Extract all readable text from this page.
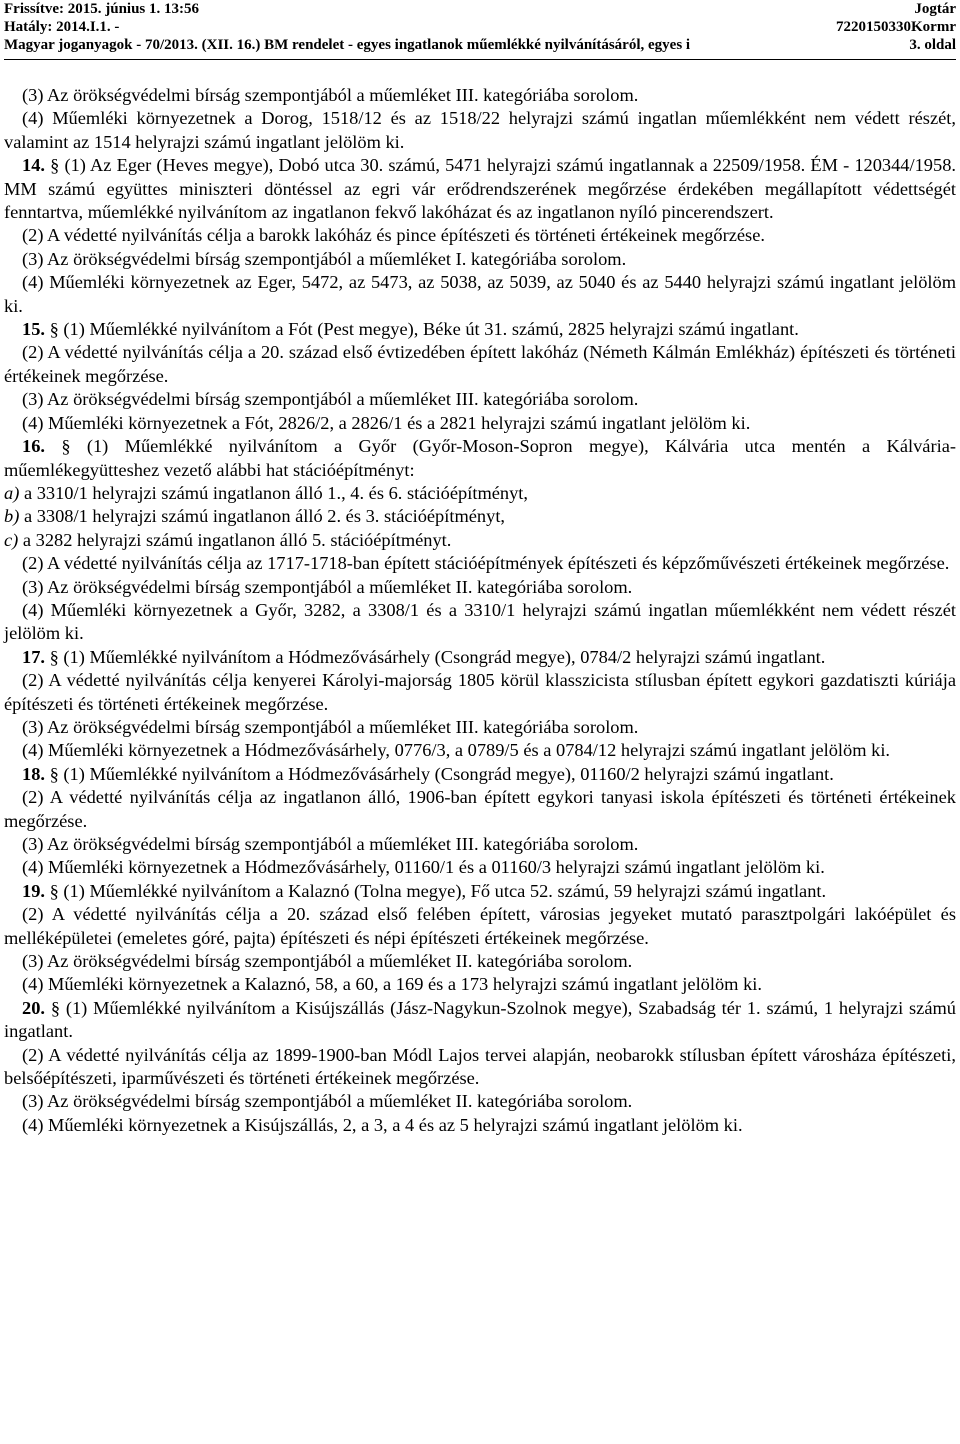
Frissítve: 2015. június 1. 13:56	Jogtár
Hatály: 2014.I.1. -	7220150330Kormr
Magyar joganyagok - 70/2013. (XII. 16.) BM rendelet - egyes ingatlanok műemlékké nyilvánításáról, egyes i	3. oldal

(3) Az örökségvédelmi bírság szempontjából a műemléket III. kategóriába sorolom.

(4) Műemléki környezetnek a Dorog, 1518/12 és az 1518/22 helyrajzi számú ingatlan műemlékként nem védett részét, valamint az 1514 helyrajzi számú ingatlant jelölöm ki.

14. § (1) Az Eger (Heves megye), Dobó utca 30. számú, 5471 helyrajzi számú ingatlannak a 22509/1958. ÉM - 120344/1958. MM számú együttes miniszteri döntéssel az egri vár erődrendszerének megőrzése érdekében megállapított védettségét fenntartva, műemlékké nyilvánítom az ingatlanon fekvő lakóházat és az ingatlanon nyíló pincerendszert.

(2) A védetté nyilvánítás célja a barokk lakóház és pince építészeti és történeti értékeinek megőrzése.

(3) Az örökségvédelmi bírság szempontjából a műemléket I. kategóriába sorolom.

(4) Műemléki környezetnek az Eger, 5472, az 5473, az 5038, az 5039, az 5040 és az 5440 helyrajzi számú ingatlant jelölöm ki.

15. § (1) Műemlékké nyilvánítom a Fót (Pest megye), Béke út 31. számú, 2825 helyrajzi számú ingatlant.

(2) A védetté nyilvánítás célja a 20. század első évtizedében épített lakóház (Németh Kálmán Emlékház) építészeti és történeti értékeinek megőrzése.

(3) Az örökségvédelmi bírság szempontjából a műemléket III. kategóriába sorolom.

(4) Műemléki környezetnek a Fót, 2826/2, a 2826/1 és a 2821 helyrajzi számú ingatlant jelölöm ki.

16. § (1) Műemlékké nyilvánítom a Győr (Győr-Moson-Sopron megye), Kálvária utca mentén a Kálvária-műemlékegyütteshez vezető alábbi hat stációépítményt:

a) a 3310/1 helyrajzi számú ingatlanon álló 1., 4. és 6. stációépítményt,

b) a 3308/1 helyrajzi számú ingatlanon álló 2. és 3. stációépítményt,

c) a 3282 helyrajzi számú ingatlanon álló 5. stációépítményt.

(2) A védetté nyilvánítás célja az 1717-1718-ban épített stációépítmények építészeti és képzőművészeti értékeinek megőrzése.

(3) Az örökségvédelmi bírság szempontjából a műemléket II. kategóriába sorolom.

(4) Műemléki környezetnek a Győr, 3282, a 3308/1 és a 3310/1 helyrajzi számú ingatlan műemlékként nem védett részét jelölöm ki.

17. § (1) Műemlékké nyilvánítom a Hódmezővásárhely (Csongrád megye), 0784/2 helyrajzi számú ingatlant.

(2) A védetté nyilvánítás célja kenyerei Károlyi-majorság 1805 körül klasszicista stílusban épített egykori gazdatiszti kúriája építészeti és történeti értékeinek megőrzése.

(3) Az örökségvédelmi bírság szempontjából a műemléket III. kategóriába sorolom.

(4) Műemléki környezetnek a Hódmezővásárhely, 0776/3, a 0789/5 és a 0784/12 helyrajzi számú ingatlant jelölöm ki.

18. § (1) Műemlékké nyilvánítom a Hódmezővásárhely (Csongrád megye), 01160/2 helyrajzi számú ingatlant.

(2) A védetté nyilvánítás célja az ingatlanon álló, 1906-ban épített egykori tanyasi iskola építészeti és történeti értékeinek megőrzése.

(3) Az örökségvédelmi bírság szempontjából a műemléket III. kategóriába sorolom.

(4) Műemléki környezetnek a Hódmezővásárhely, 01160/1 és a 01160/3 helyrajzi számú ingatlant jelölöm ki.

19. § (1) Műemlékké nyilvánítom a Kalaznó (Tolna megye), Fő utca 52. számú, 59 helyrajzi számú ingatlant.

(2) A védetté nyilvánítás célja a 20. század első felében épített, városias jegyeket mutató parasztpolgári lakóépület és melléképületei (emeletes góré, pajta) építészeti és népi építészeti értékeinek megőrzése.

(3) Az örökségvédelmi bírság szempontjából a műemléket II. kategóriába sorolom.

(4) Műemléki környezetnek a Kalaznó, 58, a 60, a 169 és a 173 helyrajzi számú ingatlant jelölöm ki.

20. § (1) Műemlékké nyilvánítom a Kisújszállás (Jász-Nagykun-Szolnok megye), Szabadság tér 1. számú, 1 helyrajzi számú ingatlant.

(2) A védetté nyilvánítás célja az 1899-1900-ban Módl Lajos tervei alapján, neobarokk stílusban épített városháza építészeti, belsőépítészeti, iparművészeti és történeti értékeinek megőrzése.

(3) Az örökségvédelmi bírság szempontjából a műemléket II. kategóriába sorolom.

(4) Műemléki környezetnek a Kisújszállás, 2, a 3, a 4 és az 5 helyrajzi számú ingatlant jelölöm ki.
